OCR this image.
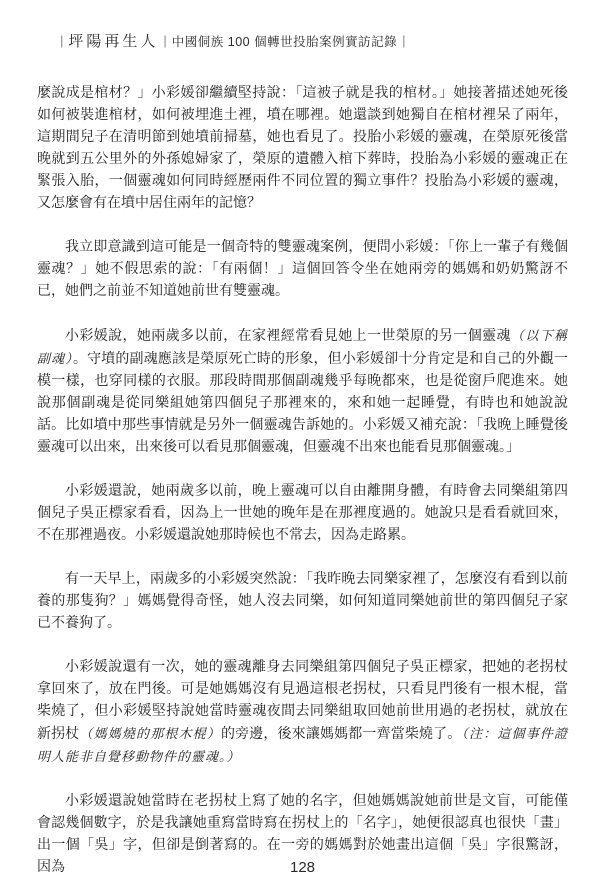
| 坪陽再生人 | 中國侗族 100 個轉世投胎案例實訪記錄 |

麼說成是棺材？」小彩媛卻繼續堅持說：「這被子就是我的棺材。」她接著描述她死後如何被裝進棺材，如何被埋進土裡，墳在哪裡。她還談到她獨自在棺材裡呆了兩年，這期間兒子在清明節到她墳前掃墓，她也看見了。投胎小彩媛的靈魂，在榮原死後當晚就到五公里外的外孫媳婦家了，榮原的遺體入棺下葬時，投胎為小彩媛的靈魂正在緊張入胎，一個靈魂如何同時經歷兩件不同位置的獨立事件？投胎為小彩媛的靈魂，又怎麼會有在墳中居住兩年的記憶？

我立即意識到這可能是一個奇特的雙靈魂案例，便問小彩媛：「你上一輩子有幾個靈魂？」她不假思索的說：「有兩個！」這個回答令坐在她兩旁的媽媽和奶奶驚訝不已，她們之前並不知道她前世有雙靈魂。

小彩媛說，她兩歲多以前，在家裡經常看見她上一世榮原的另一個靈魂（以下稱副魂）。守墳的副魂應該是榮原死亡時的形象，但小彩媛卻十分肯定是和自己的外觀一模一樣，也穿同樣的衣服。那段時間那個副魂幾乎每晚都來，也是從窗戶爬進來。她說那個副魂是從同樂組她第四個兒子那裡來的，來和她一起睡覺，有時也和她說說話。比如墳中那些事情就是另外一個靈魂告訴她的。小彩媛又補充說：「我晚上睡覺後靈魂可以出來，出來後可以看見那個靈魂，但靈魂不出來也能看見那個靈魂。」

小彩媛還說，她兩歲多以前，晚上靈魂可以自由離開身體，有時會去同樂組第四個兒子吳正標家看看，因為上一世她的晚年是在那裡度過的。她說只是看看就回來，不在那裡過夜。小彩媛還說她那時候也不常去，因為走路累。

有一天早上，兩歲多的小彩媛突然說：「我昨晚去同樂家裡了，怎麼沒有看到以前養的那隻狗？」媽媽覺得奇怪，她人沒去同樂，如何知道同樂她前世的第四個兒子家已不養狗了。

小彩媛說還有一次，她的靈魂離身去同樂組第四個兒子吳正標家，把她的老拐杖拿回來了，放在門後。可是她媽媽沒有見過這根老拐杖，只看見門後有一根木棍，當柴燒了，但小彩媛堅持說她當時靈魂夜間去同樂組取回她前世用過的老拐杖，就放在新拐杖（媽媽燒的那根木棍）的旁邊，後來讓媽媽都一齊當柴燒了。（注：這個事件證明人能非自覺移動物件的靈魂。）

小彩媛還說她當時在老拐杖上寫了她的名字，但她媽媽說她前世是文盲，可能僅會認幾個數字，於是我讓她重寫當時寫在拐杖上的「名字」，她便很認真也很快「畫」出一個「吳」字，但卻是倒著寫的。在一旁的媽媽對於她畫出這個「吳」字很驚訝，因為	128
